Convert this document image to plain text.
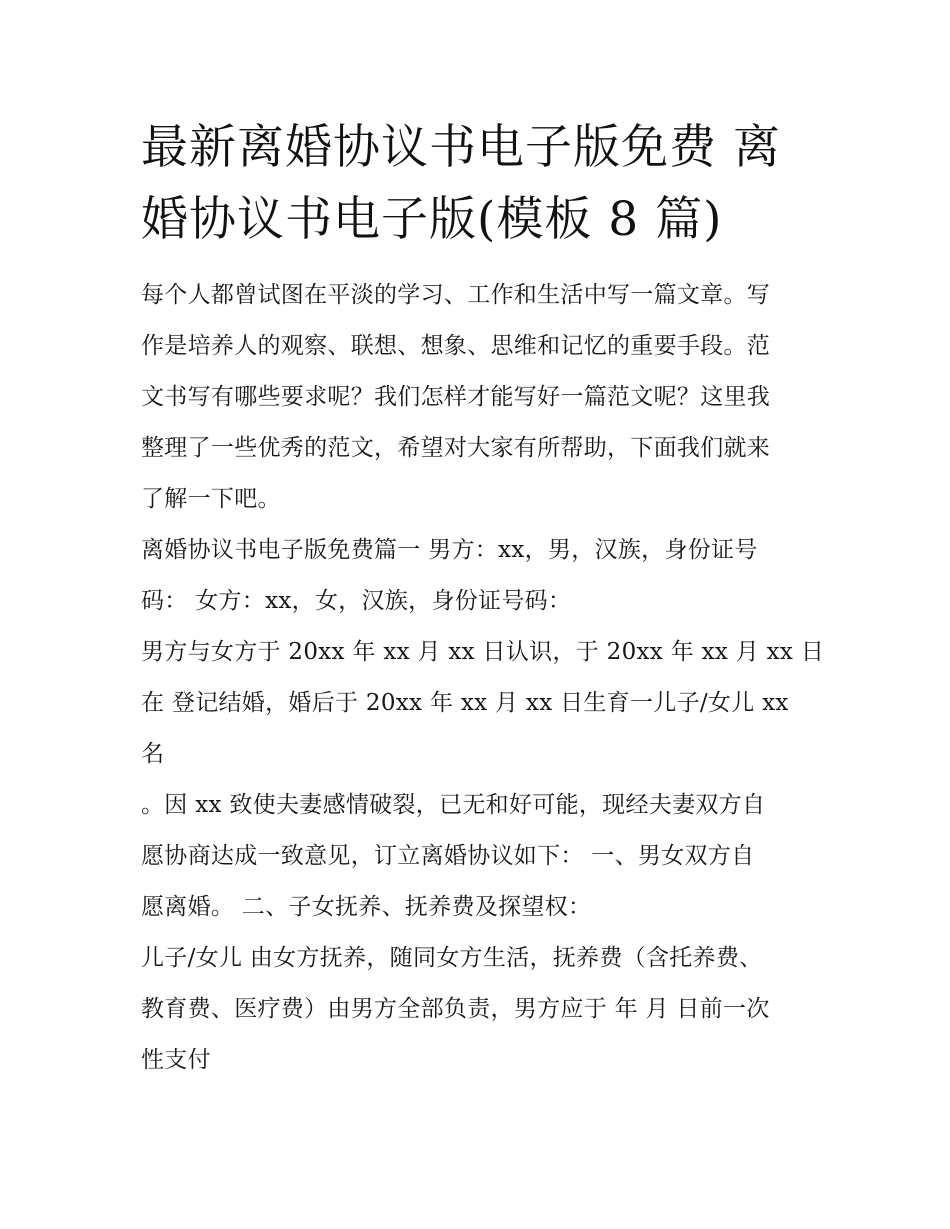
最新离婚协议书电子版免费 离
婚协议书电子版(模板 8 篇)

每个人都曾试图在平淡的学习、工作和生活中写一篇文章。写
作是培养人的观察、联想、想象、思维和记忆的重要手段。范
文书写有哪些要求呢？我们怎样才能写好一篇范文呢？这里我
整理了一些优秀的范文，希望对大家有所帮助，下面我们就来
了解一下吧。

离婚协议书电子版免费篇一 男方：xx，男，汉族，身份证号
码： 女方：xx，女，汉族，身份证号码：

男方与女方于 20xx 年 xx 月 xx 日认识，于 20xx 年 xx 月 xx 日
在 登记结婚，婚后于 20xx 年 xx 月 xx 日生育一儿子/女儿 xx
名

。因 xx 致使夫妻感情破裂，已无和好可能，现经夫妻双方自
愿协商达成一致意见，订立离婚协议如下： 一、男女双方自
愿离婚。 二、子女抚养、抚养费及探望权：

儿子/女儿 由女方抚养，随同女方生活，抚养费（含托养费、
教育费、医疗费）由男方全部负责，男方应于 年 月 日前一次
性支付
